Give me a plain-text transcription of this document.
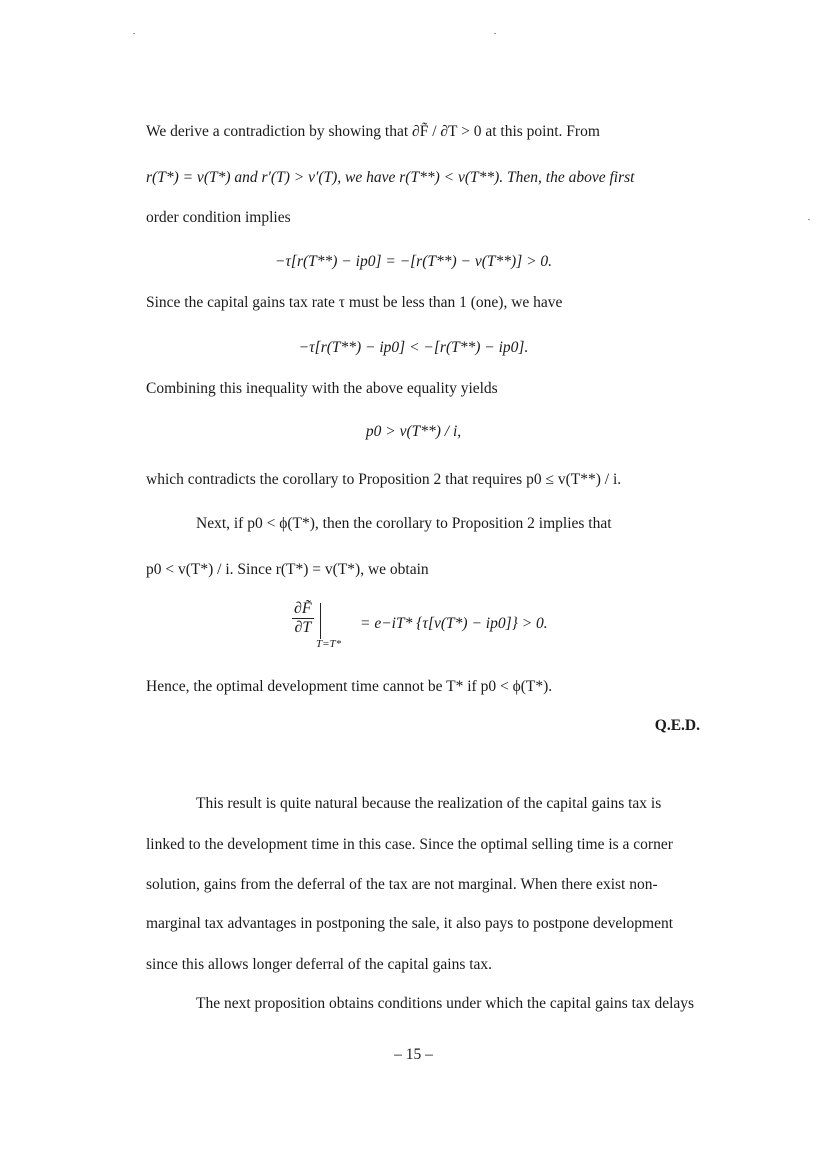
We derive a contradiction by showing that ∂F̃ / ∂T > 0 at this point. From
r(T*) = v(T*) and r′(T) > v′(T), we have r(T**) < v(T**). Then, the above first
order condition implies
−τ[r(T**) − ip0] = −[r(T**) − v(T**)] > 0.
Since the capital gains tax rate τ must be less than 1 (one), we have
−τ[r(T**) − ip0] < −[r(T**) − ip0].
Combining this inequality with the above equality yields
p0 > v(T**) / i,
which contradicts the corollary to Proposition 2 that requires p0 ≤ v(T**) / i.
Next, if p0 < ϕ(T*), then the corollary to Proposition 2 implies that
p0 < v(T*) / i. Since r(T*) = v(T*), we obtain
$\frac{\partial F̃}{\partial T}$
T=T*
= e−iT* {τ[v(T*) − ip0]} > 0.
Hence, the optimal development time cannot be T* if p0 < ϕ(T*).
Q.E.D.
This result is quite natural because the realization of the capital gains tax is
linked to the development time in this case. Since the optimal selling time is a corner
solution, gains from the deferral of the tax are not marginal. When there exist non-
marginal tax advantages in postponing the sale, it also pays to postpone development
since this allows longer deferral of the capital gains tax.
The next proposition obtains conditions under which the capital gains tax delays
– 15 –
